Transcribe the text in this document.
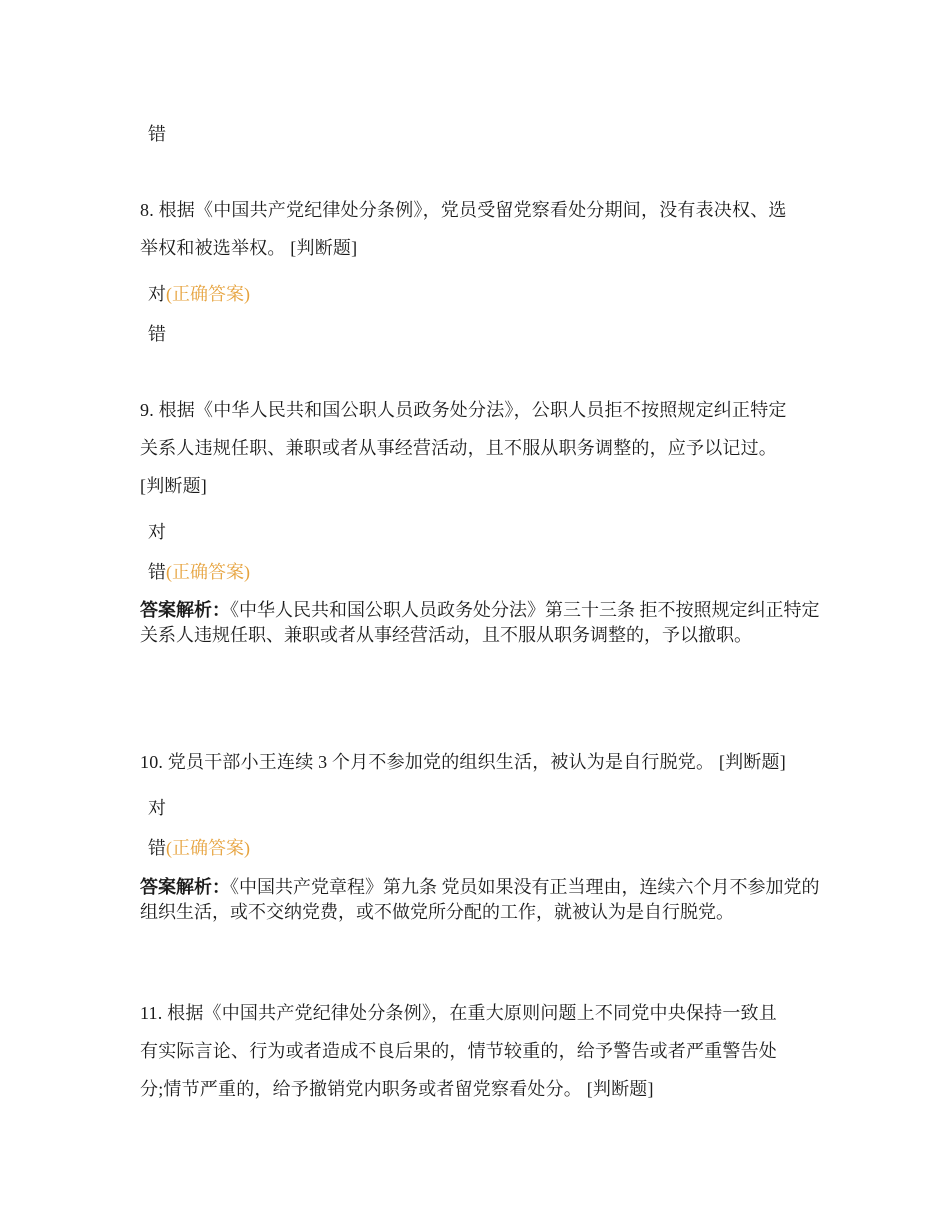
错
8. 根据《中国共产党纪律处分条例》，党员受留党察看处分期间，没有表决权、选
举权和被选举权。 [判断题]
对(正确答案)
错
9. 根据《中华人民共和国公职人员政务处分法》，公职人员拒不按照规定纠正特定
关系人违规任职、兼职或者从事经营活动，且不服从职务调整的，应予以记过。
[判断题]
对
错(正确答案)
答案解析：《中华人民共和国公职人员政务处分法》第三十三条 拒不按照规定纠正特定关系人违规任职、兼职或者从事经营活动，且不服从职务调整的，予以撤职。
10. 党员干部小王连续 3 个月不参加党的组织生活，被认为是自行脱党。 [判断题]
对
错(正确答案)
答案解析：《中国共产党章程》第九条 党员如果没有正当理由，连续六个月不参加党的组织生活，或不交纳党费，或不做党所分配的工作，就被认为是自行脱党。
11. 根据《中国共产党纪律处分条例》，在重大原则问题上不同党中央保持一致且
有实际言论、行为或者造成不良后果的，情节较重的，给予警告或者严重警告处
分;情节严重的，给予撤销党内职务或者留党察看处分。 [判断题]
